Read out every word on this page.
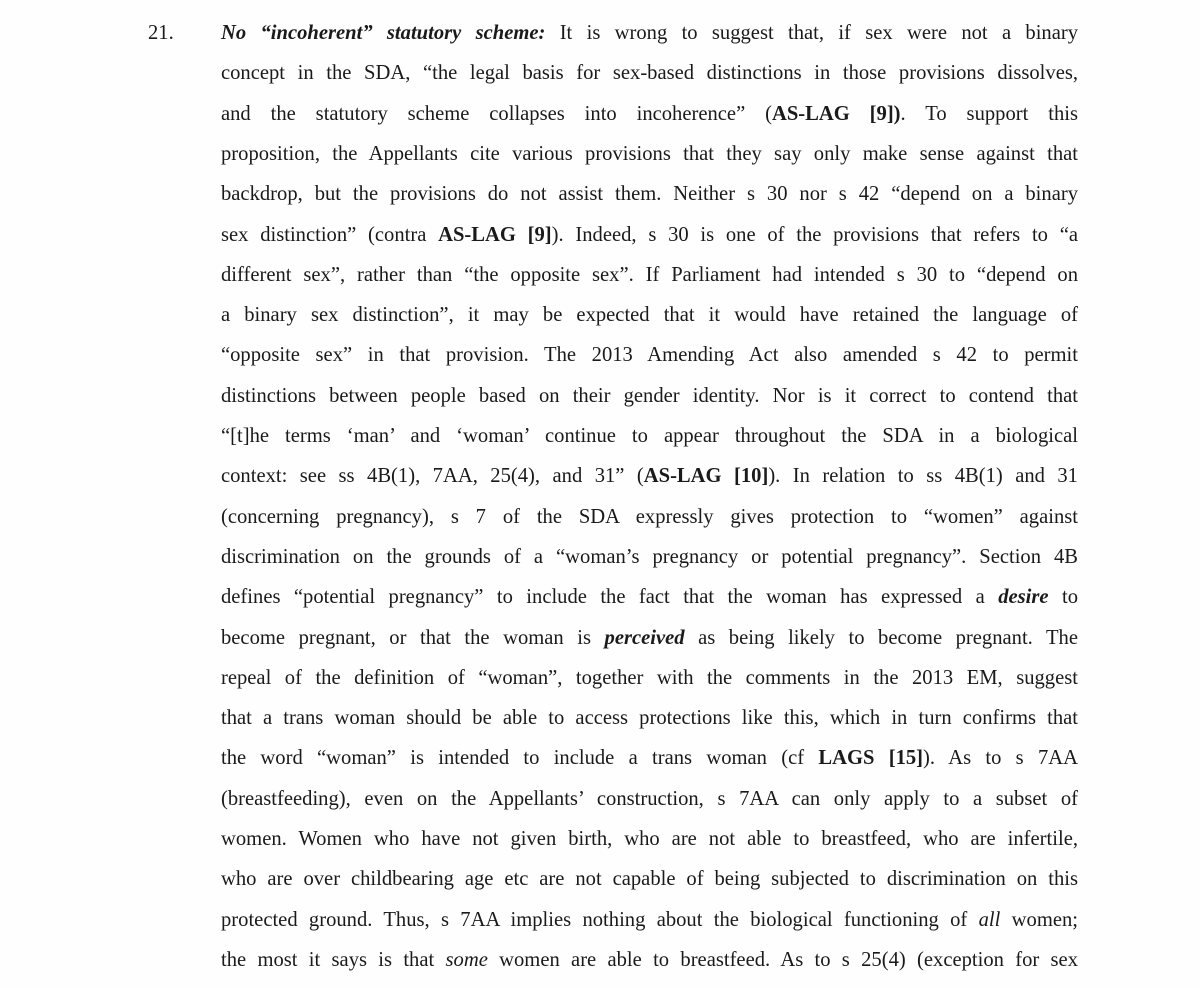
21. No “incoherent” statutory scheme: It is wrong to suggest that, if sex were not a binary
concept in the SDA, “the legal basis for sex-based distinctions in those provisions dissolves,
and the statutory scheme collapses into incoherence” (AS-LAG [9]). To support this
proposition, the Appellants cite various provisions that they say only make sense against that
backdrop, but the provisions do not assist them. Neither s 30 nor s 42 “depend on a binary
sex distinction” (contra AS-LAG [9]). Indeed, s 30 is one of the provisions that refers to “a
different sex”, rather than “the opposite sex”. If Parliament had intended s 30 to “depend on
a binary sex distinction”, it may be expected that it would have retained the language of
“opposite sex” in that provision. The 2013 Amending Act also amended s 42 to permit
distinctions between people based on their gender identity. Nor is it correct to contend that
“[t]he terms ‘man’ and ‘woman’ continue to appear throughout the SDA in a biological
context: see ss 4B(1), 7AA, 25(4), and 31” (AS-LAG [10]). In relation to ss 4B(1) and 31
(concerning pregnancy), s 7 of the SDA expressly gives protection to “women” against
discrimination on the grounds of a “woman’s pregnancy or potential pregnancy”. Section 4B
defines “potential pregnancy” to include the fact that the woman has expressed a desire to
become pregnant, or that the woman is perceived as being likely to become pregnant. The
repeal of the definition of “woman”, together with the comments in the 2013 EM, suggest
that a trans woman should be able to access protections like this, which in turn confirms that
the word “woman” is intended to include a trans woman (cf LAGS [15]). As to s 7AA
(breastfeeding), even on the Appellants’ construction, s 7AA can only apply to a subset of
women. Women who have not given birth, who are not able to breastfeed, who are infertile,
who are over childbearing age etc are not capable of being subjected to discrimination on this
protected ground. Thus, s 7AA implies nothing about the biological functioning of all women;
the most it says is that some women are able to breastfeed. As to s 25(4) (exception for sex
